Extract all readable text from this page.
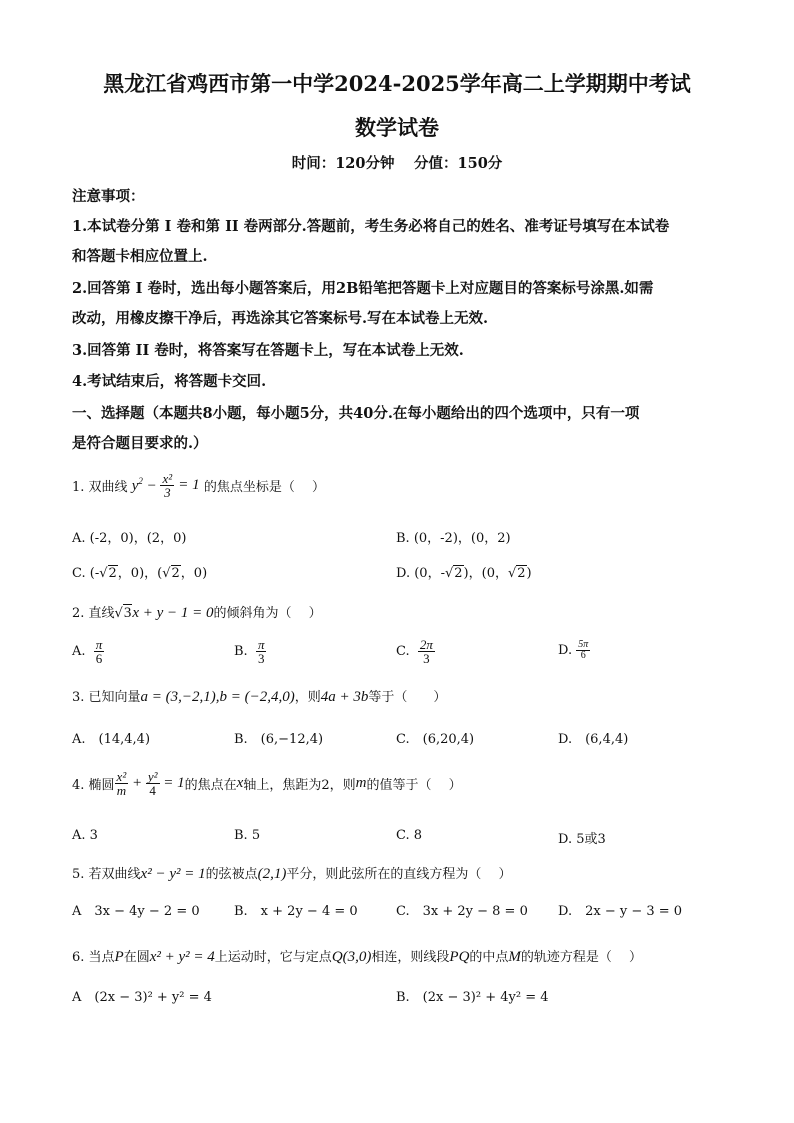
黑龙江省鸡西市第一中学2024-2025学年高二上学期期中考试
数学试卷
时间：120分钟　 分值：150分
注意事项：
1.本试卷分第 I 卷和第 II 卷两部分.答题前，考生务必将自己的姓名、准考证号填写在本试卷
和答题卡相应位置上.
2.回答第 I 卷时，选出每小题答案后，用2B铅笔把答题卡上对应题目的答案标号涂黑.如需
改动，用橡皮擦干净后，再选涂其它答案标号.写在本试卷上无效.
3.回答第 II 卷时，将答案写在答题卡上，写在本试卷上无效.
4.考试结束后，将答题卡交回.
一、选择题（本题共8小题，每小题5分，共40分.在每小题给出的四个选项中，只有一项
是符合题目要求的.）
1. 双曲线 $y^2 - \frac{\text{x²}}{3} = 1$ 的焦点坐标是（　 ）
A. (-2，0)，(2，0)	B. (0，-2)，(0，2)
C. (-√2，0)，(√2，0)	D. (0，-√2)，(0，√2)
2. 直线√3x + y − 1 = 0的倾斜角为（　 ）
A. $\frac{\pi}{6}$	B. $\frac{\pi}{3}$	C. $\frac{2\pi}{3}$	D. $\frac{5\pi}{6}$
3. 已知向量a = (3,−2,1),b = (−2,4,0)，则4a + 3b等于（　　）
A.　(14,4,4)	B.　(6,−12,4)	C.　(6,20,4)	D.　(6,4,4)
4. 椭圆 $\frac{\text{x²}}{m} + \frac{\text{y²}}{4} = 1$的焦点在x轴上，焦距为2，则m的值等于（　 ）
A. 3	B. 5	C. 8	D. 5或3
5. 若双曲线x² − y² = 1的弦被点(2,1)平分，则此弦所在的直线方程为（　 ）
A　3x − 4y − 2 = 0	B.　x + 2y − 4 = 0	C.　3x + 2y − 8 = 0 D.　2x − y − 3 = 0
6. 当点P在圆x² + y² = 4上运动时，它与定点Q(3,0)相连，则线段PQ的中点M的轨迹方程是（　 ）
A　(2x − 3)² + y² = 4	B.　(2x − 3)² + 4y² = 4
